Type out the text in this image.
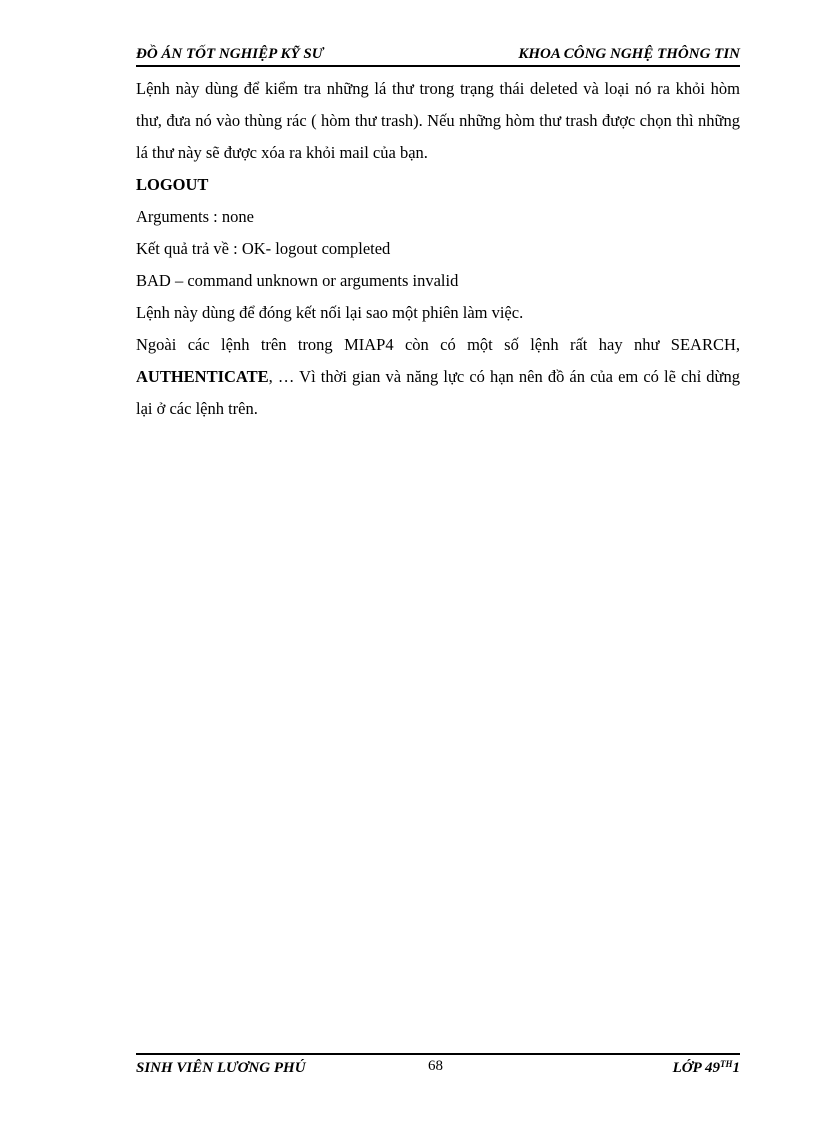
ĐỒ ÁN TỐT NGHIỆP KỸ SƯ	KHOA CÔNG NGHỆ THÔNG TIN

Lệnh này dùng để kiểm tra những lá thư trong trạng thái deleted và loại nó ra khỏi hòm thư, đưa nó vào thùng rác ( hòm thư trash). Nếu những hòm thư trash được chọn thì những lá thư này sẽ được xóa ra khỏi mail của bạn.

LOGOUT

Arguments : none

Kết quả trả về : OK- logout completed

BAD – command unknown or arguments invalid

Lệnh này dùng để đóng kết nối lại sao một phiên làm việc.

Ngoài các lệnh trên trong MIAP4 còn có một số lệnh rất hay như SEARCH, AUTHENTICATE, … Vì thời gian và năng lực có hạn nên đồ án của em có lẽ chỉ dừng lại ở các lệnh trên.

SINH VIÊN LƯƠNG PHÚ	68	LỚP 49TH1
